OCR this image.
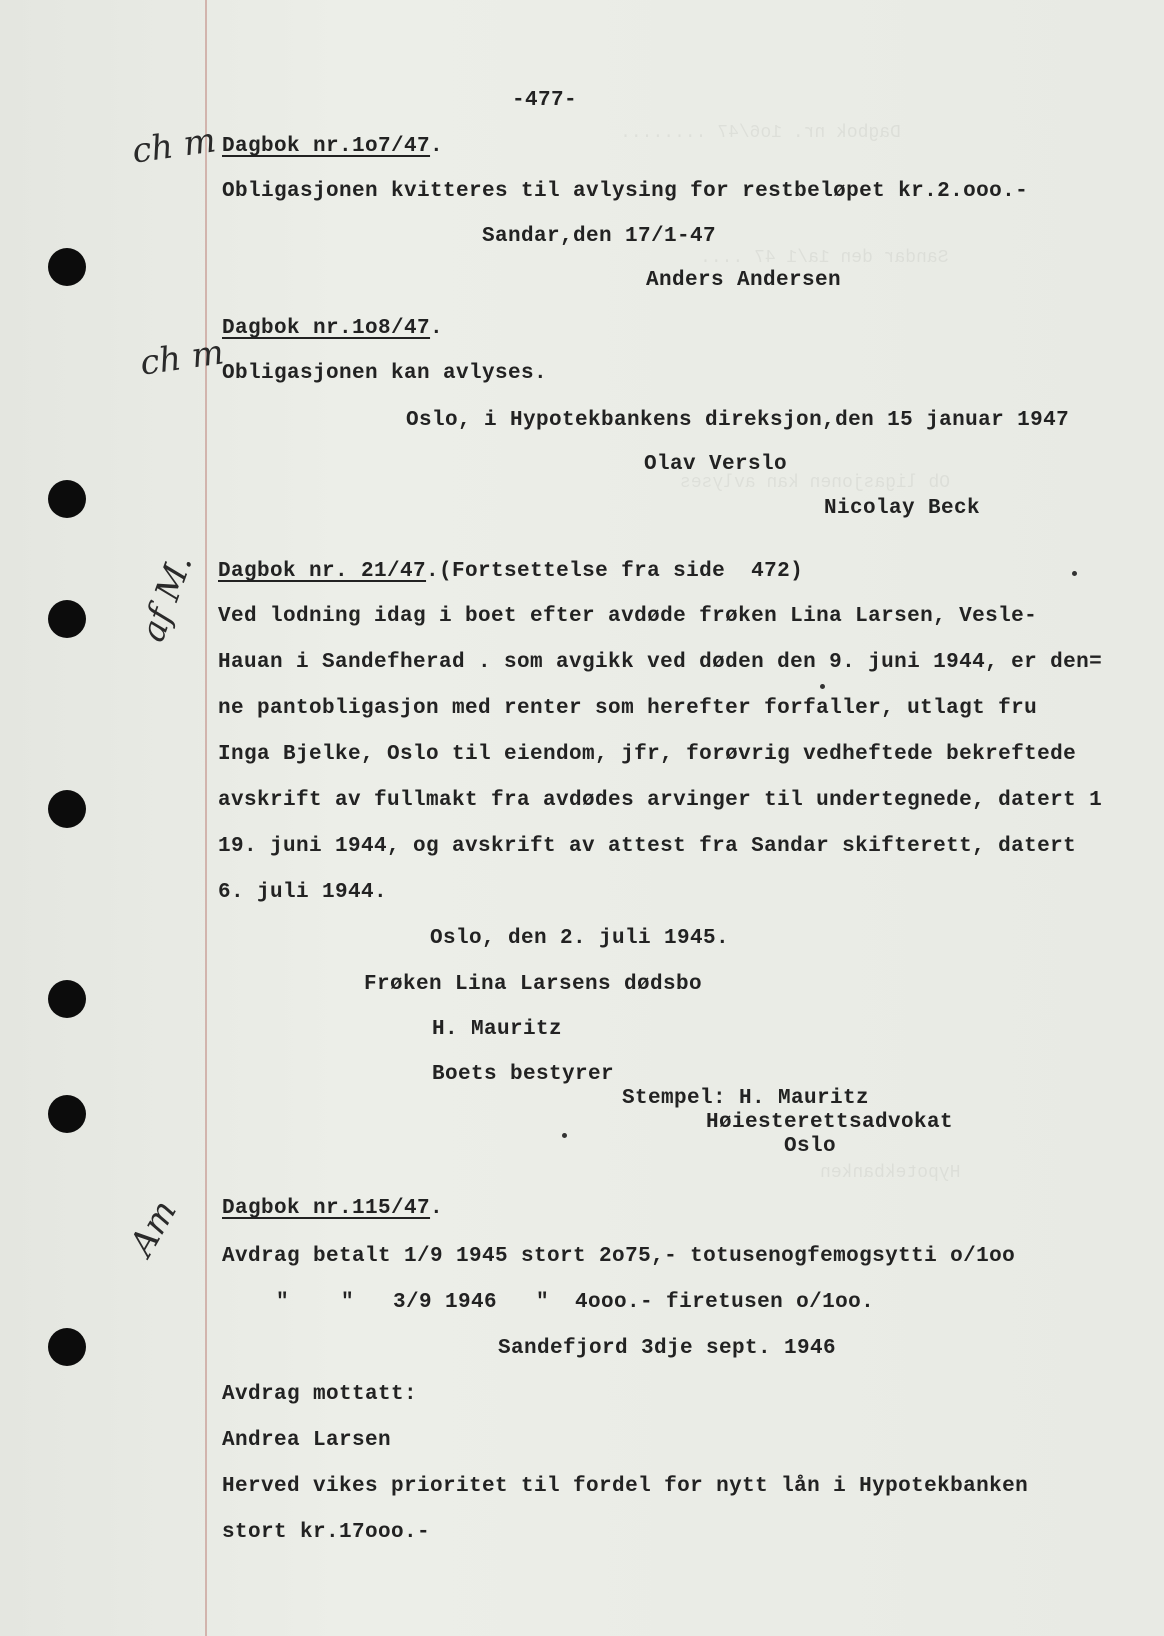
Dagbok nr. 1o6/47 ........
Sandar den 1a/1 47 ....
Ob ligasjonen kan avlyses
Hypotekbanken
ch m
ch m
af M.
Am
-477-
Dagbok nr.1o7/47.
Obligasjonen kvitteres til avlysing for restbeløpet kr.2.ooo.-
Sandar,den 17/1-47
Anders Andersen
Dagbok nr.1o8/47.
Obligasjonen kan avlyses.
Oslo, i Hypotekbankens direksjon,den 15 januar 1947
Olav Verslo
Nicolay Beck
Dagbok nr. 21/47.(Fortsettelse fra side  472)
Ved lodning idag i boet efter avdøde frøken Lina Larsen, Vesle-
Hauan i Sandefherad . som avgikk ved døden den 9. juni 1944, er den=
ne pantobligasjon med renter som herefter forfaller, utlagt fru
Inga Bjelke, Oslo til eiendom, jfr, forøvrig vedheftede bekreftede
avskrift av fullmakt fra avdødes arvinger til undertegnede, datert 1
19. juni 1944, og avskrift av attest fra Sandar skifterett, datert
6. juli 1944.
Oslo, den 2. juli 1945.
Frøken Lina Larsens dødsbo
H. Mauritz
Boets bestyrer
Stempel: H. Mauritz
Høiesterettsadvokat
Oslo
Dagbok nr.115/47.
Avdrag betalt 1/9 1945 stort 2o75,- totusenogfemogsytti o/1oo
"    "   3/9 1946   "  4ooo.- firetusen o/1oo.
Sandefjord 3dje sept. 1946
Avdrag mottatt:
Andrea Larsen
Herved vikes prioritet til fordel for nytt lån i Hypotekbanken
stort kr.17ooo.-
